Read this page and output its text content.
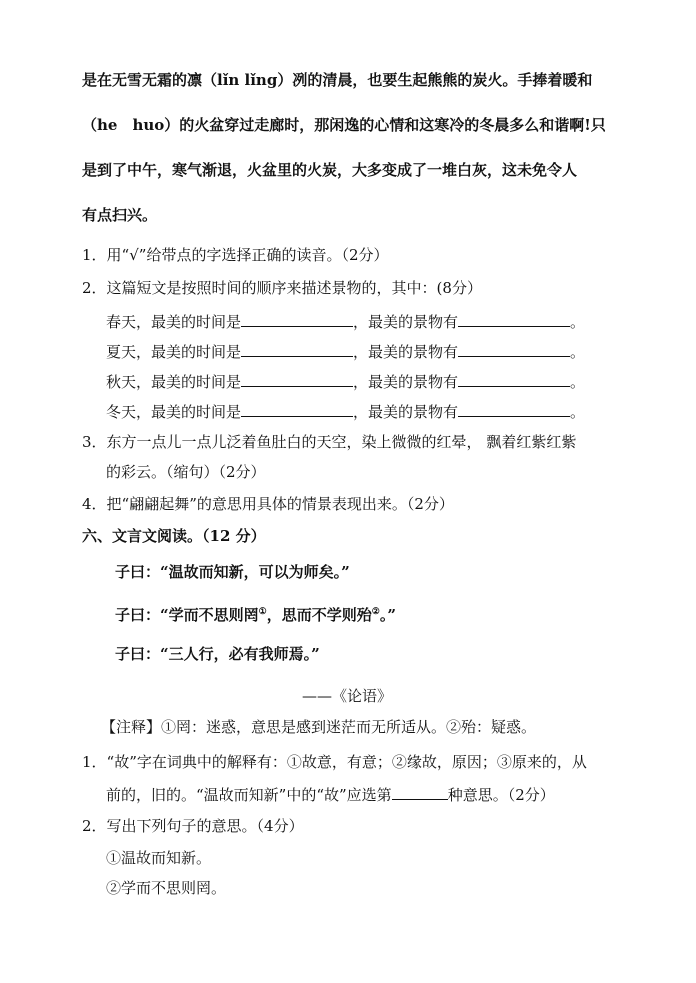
是在无雪无霜的凛（lǐn lǐng）冽的清晨，也要生起熊熊的炭火。手捧着暖和
（he　huo）的火盆穿过走廊时，那闲逸的心情和这寒冷的冬晨多么和谐啊!只
是到了中午，寒气渐退，火盆里的火炭，大多变成了一堆白灰，这未免令人
有点扫兴。
1．用“√”给带点的字选择正确的读音。（2分）
2．这篇短文是按照时间的顺序来描述景物的，其中：(8分）
春天，最美的时间是	，最美的景物有	。
夏天，最美的时间是	，最美的景物有	。
秋天，最美的时间是	，最美的景物有	。
冬天，最美的时间是	，最美的景物有	。
3．东方一点儿一点儿泛着鱼肚白的天空，染上微微的红晕， 飘着红紫红紫
的彩云。（缩句）（2分）
4．把“翩翩起舞”的意思用具体的情景表现出来。（2分）
六、文言文阅读。（12 分）
子曰：“温故而知新，可以为师矣。”
子曰：“学而不思则罔①，思而不学则殆②。”
子曰：“三人行，必有我师焉。”
——《论语》
【注释】①罔：迷惑，意思是感到迷茫而无所适从。②殆：疑惑。
1．“故”字在词典中的解释有：①故意，有意；②缘故，原因；③原来的，从
前的，旧的。“温故而知新”中的“故”应选第	种意思。（2分）
2．写出下列句子的意思。（4分）
①温故而知新。
②学而不思则罔。
